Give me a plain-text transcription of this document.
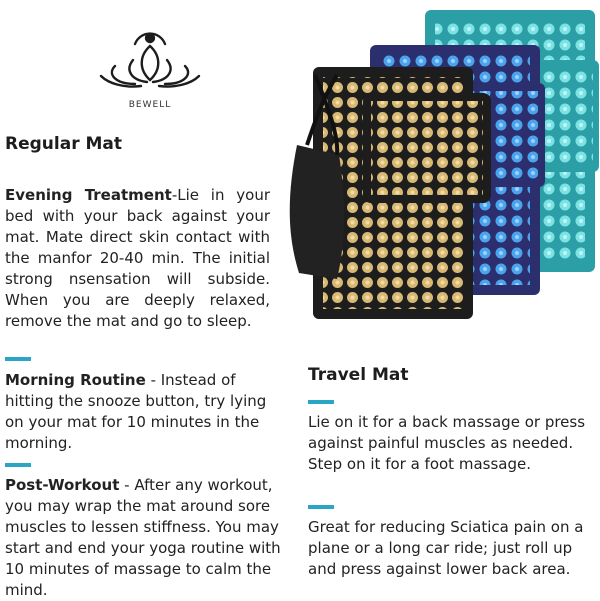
BEWELL
Regular Mat
Evening Treatment-Lie in your bed with your back against your mat. Mate direct skin contact with the manfor 20-40 min. The initial strong nsensation will subside. When you are deeply relaxed, remove the mat and go to sleep.
Morning Routine - Instead of hitting the snooze button, try lying on your mat for 10 minutes in the morning.
Post-Workout - After any workout, you may wrap the mat around sore muscles to lessen stiffness. You may start and end your yoga routine with 10 minutes of massage to calm the mind.
Travel Mat
Lie on it for a back massage or press against painful muscles as needed. Step on it for a foot massage.
Great for reducing Sciatica pain on a plane or a long car ride; just roll up and press against lower back area.
